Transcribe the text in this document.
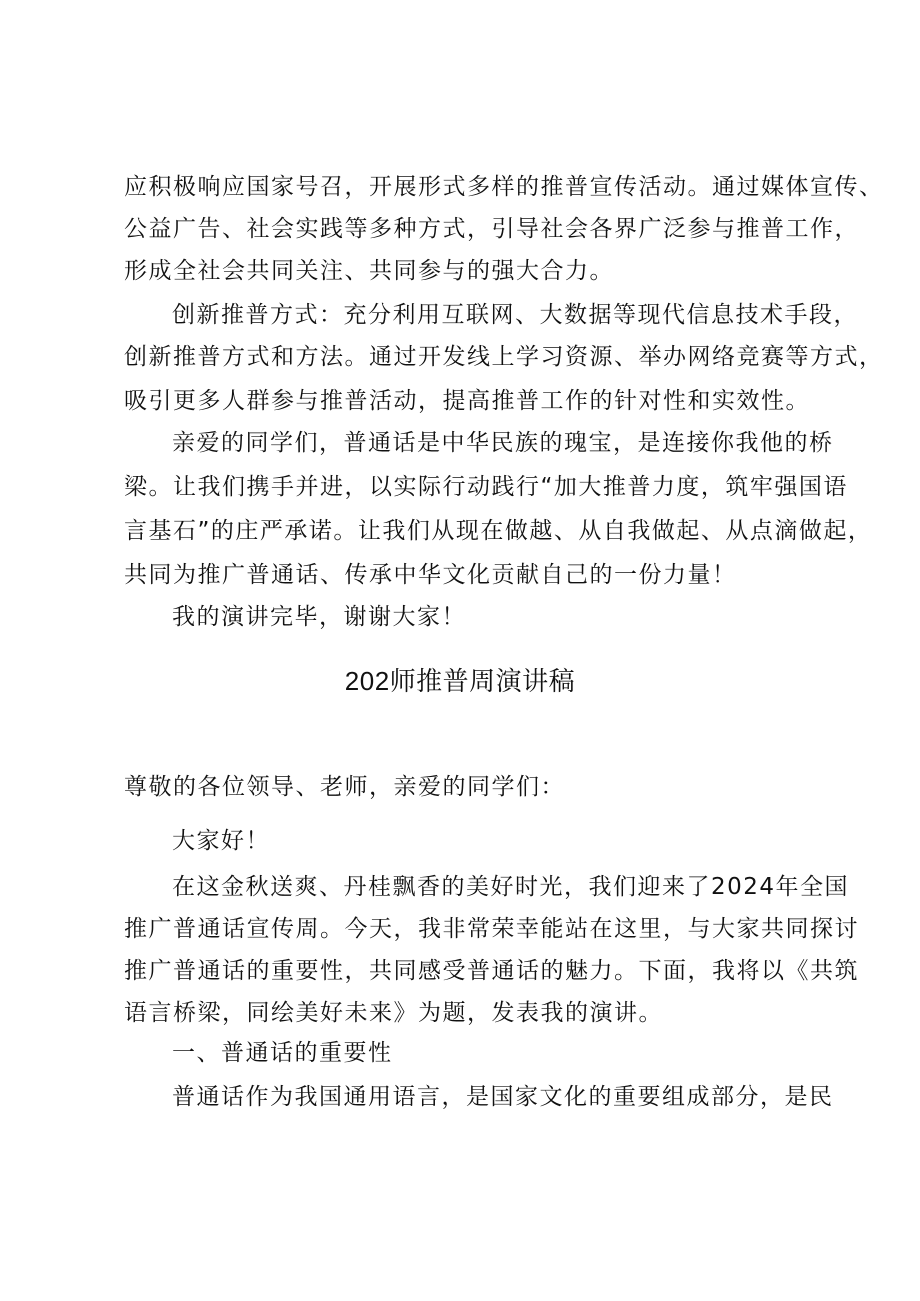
应积极响应国家号召，开展形式多样的推普宣传活动。通过媒体宣传、
公益广告、社会实践等多种方式，引导社会各界广泛参与推普工作，
形成全社会共同关注、共同参与的强大合力。
创新推普方式：充分利用互联网、大数据等现代信息技术手段，
创新推普方式和方法。通过开发线上学习资源、举办网络竞赛等方式，
吸引更多人群参与推普活动，提高推普工作的针对性和实效性。
亲爱的同学们，普通话是中华民族的瑰宝，是连接你我他的桥
梁。让我们携手并进，以实际行动践行“加大推普力度，筑牢强国语
言基石”的庄严承诺。让我们从现在做越、从自我做起、从点滴做起，
共同为推广普通话、传承中华文化贡献自己的一份力量！
我的演讲完毕，谢谢大家！
202师推普周演讲稿
尊敬的各位领导、老师，亲爱的同学们：
大家好！
在这金秋送爽、丹桂飘香的美好时光，我们迎来了2024年全国
推广普通话宣传周。今天，我非常荣幸能站在这里，与大家共同探讨
推广普通话的重要性，共同感受普通话的魅力。下面，我将以《共筑
语言桥梁，同绘美好未来》为题，发表我的演讲。
一、普通话的重要性
普通话作为我国通用语言，是国家文化的重要组成部分，是民
